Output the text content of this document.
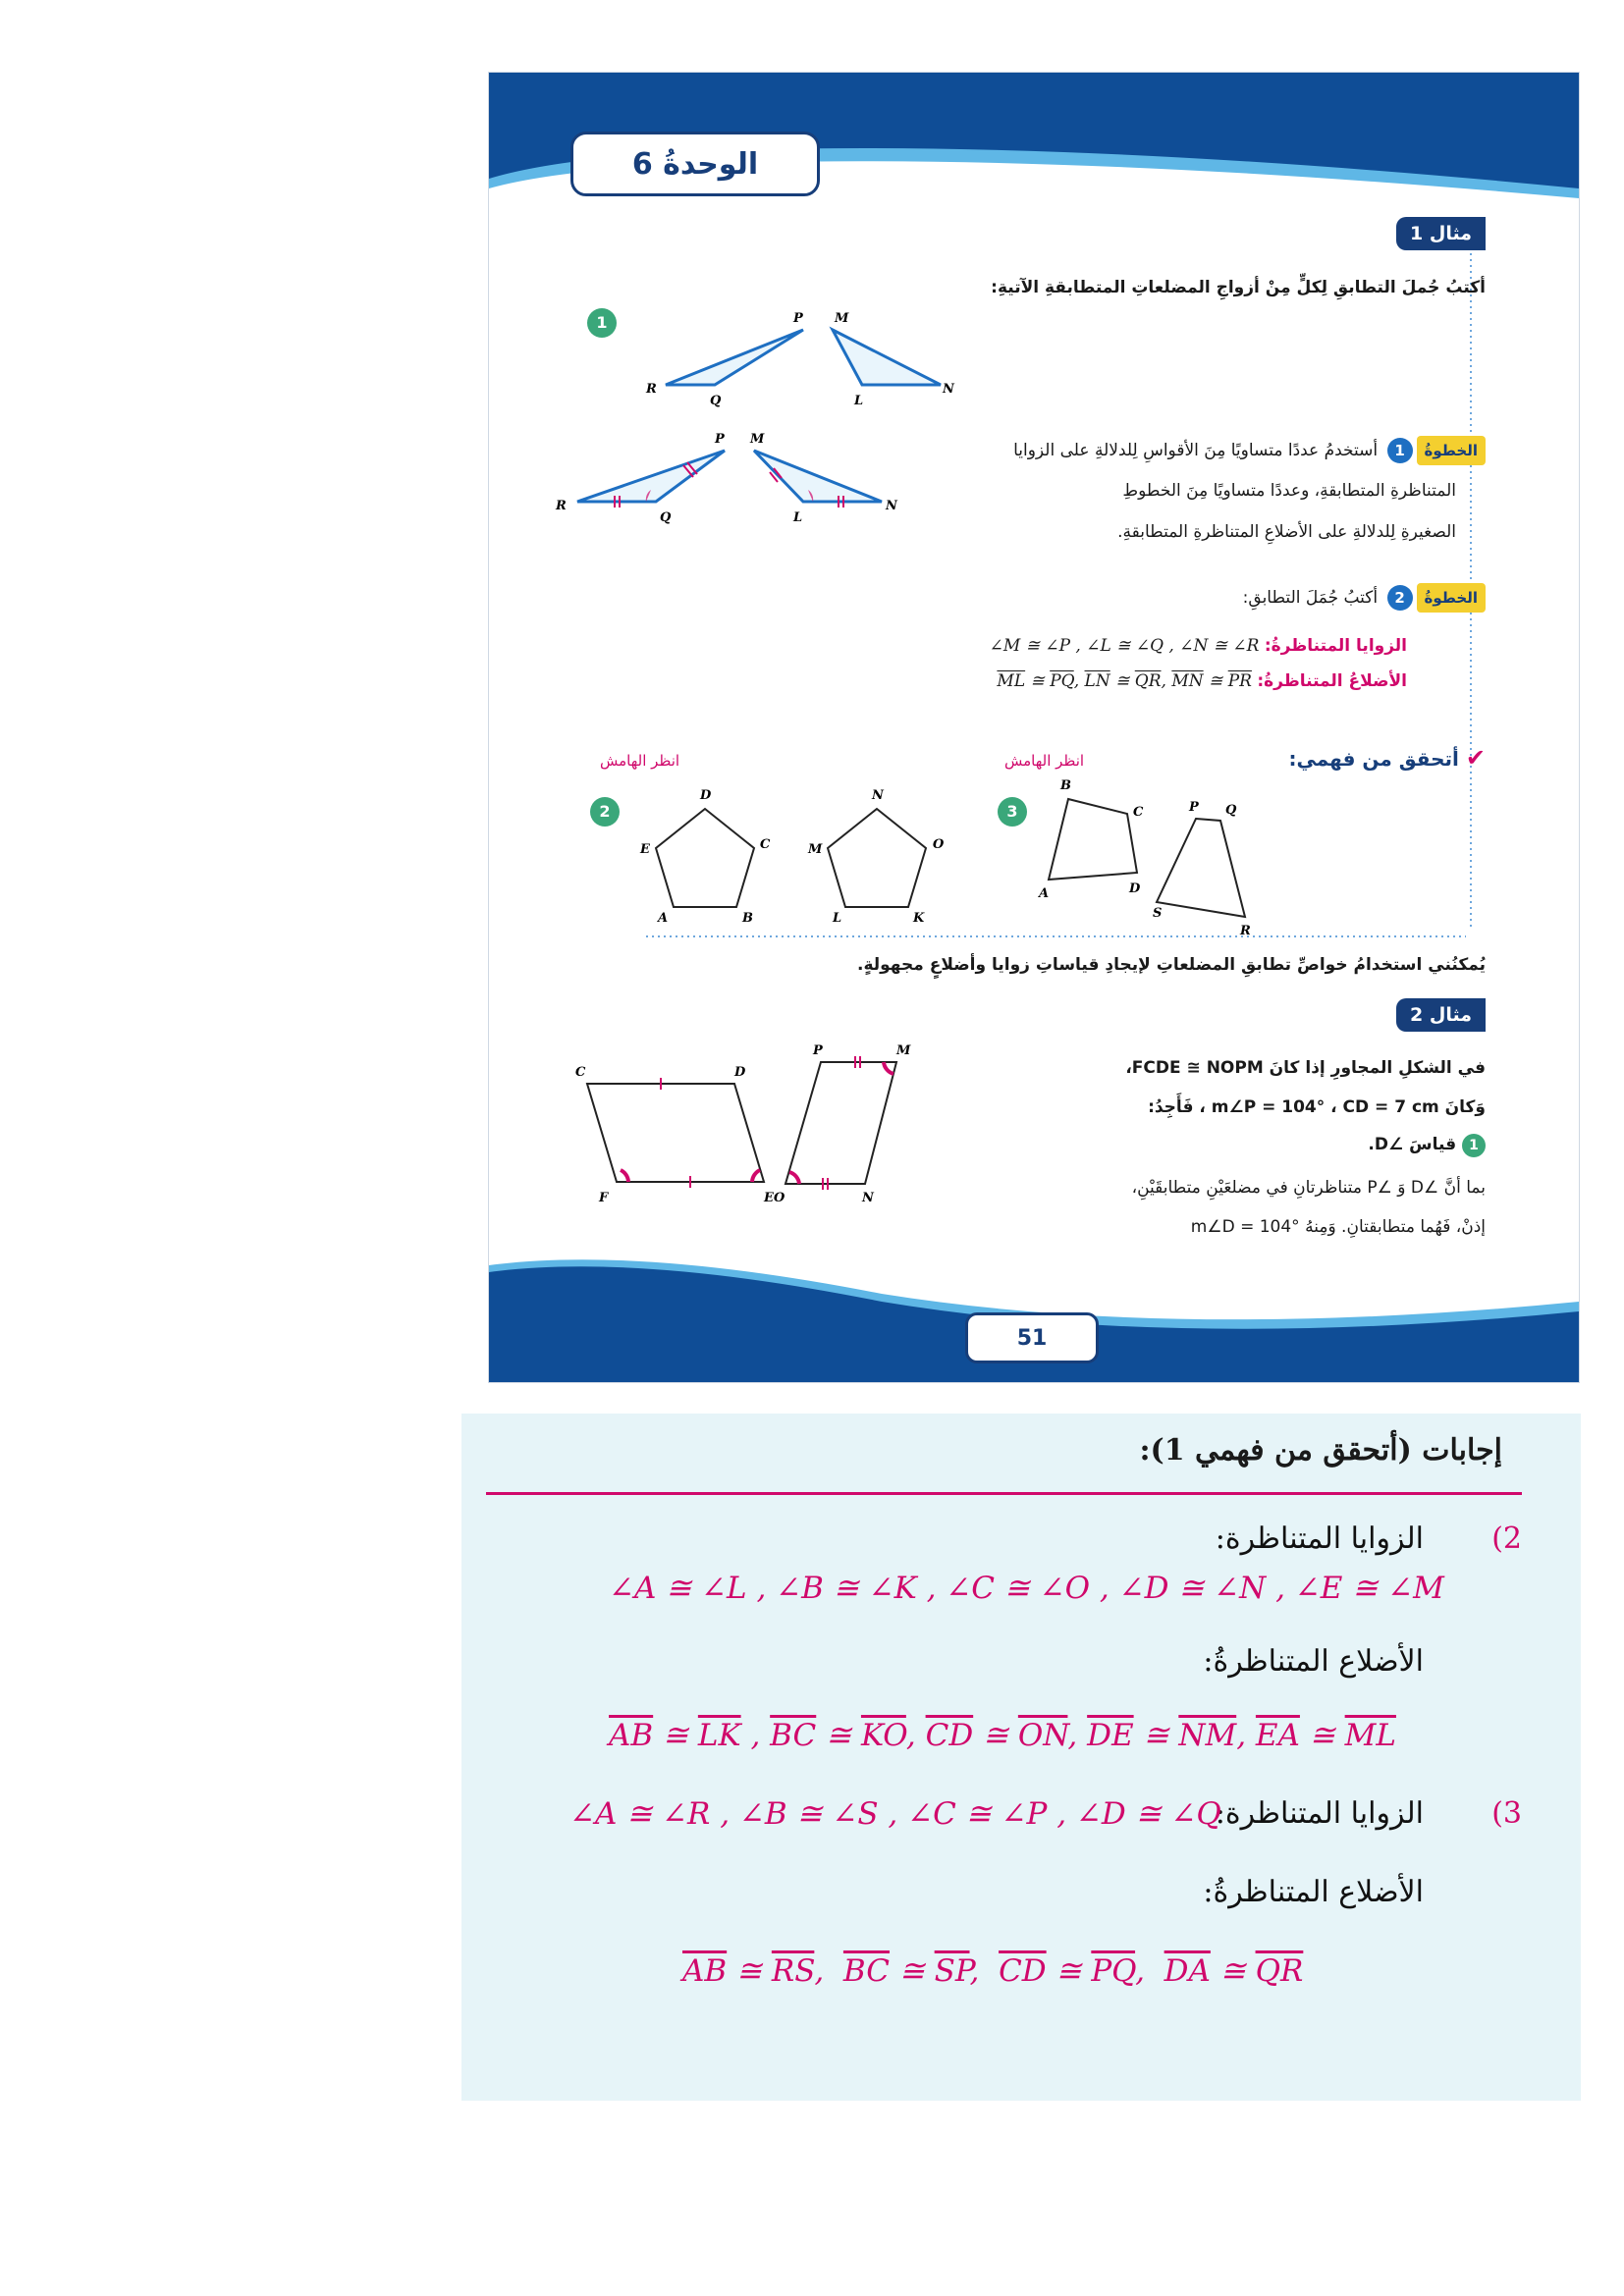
الوحدةُ 6
مثال 1
أكتبُ جُملَ التطابقِ لِكلٍّ مِنْ أزواجِ المضلعاتِ المتطابقةِ الآتيةِ:
1	P M
R
Q	L
N
P M
R
Q	L
N
الخطوةُ1 أستخدمُ عددًا متساويًا مِنَ الأقواسِ لِلدلالةِ على الزوايا
المتناظرةِ المتطابقةِ، وعددًا متساويًا مِنَ الخطوطِ
الصغيرةِ لِلدلالةِ على الأضلاعِ المتناظرةِ المتطابقةِ.
الخطوةُ2 أكتبُ جُمَلَ التطابقِ:
الزوايا المتناظرةُ: ∠M ≅ ∠P , ∠L ≅ ∠Q , ∠N ≅ ∠R
الأضلاعُ المتناظرةُ: $\overline{ML}$ ≅ $\overline{PQ}$, $\overline{LN}$ ≅ $\overline{QR}$, $\overline{MN}$ ≅ $\overline{PR}$
✔ أتحقق من فهمي:
انظر الهامش
انظر الهامش
2	3
D
E	C
A	B
N
M	O
L	K
B
C
D
A
P Q
S
R
يُمكنُني استخدامُ خواصِّ تطابقِ المضلعاتِ لإيجادِ قياساتِ زوايا وأضلاعٍ مجهولةٍ.
مثال 2
في الشكلِ المجاورِ إذا كانَ FCDE ≅ NOPM،
وَكانَ m∠P = 104° ، CD = 7 cm ، فَأَجِدُ:
1 قياسَ ∠D.
بما أنَّ ∠D وَ ∠P متناظرتانِ في مضلعَيْنِ متطابقَيْنِ،
إذنْ، فَهُما متطابقتانِ. وَمِنهُ m∠D = 104°
C	D
F	E
P	M
O	N
51
إجابات (أتحقق من فهمي 1):
(2
الزوايا المتناظرة:
∠A ≅ ∠L , ∠B ≅ ∠K , ∠C ≅ ∠O , ∠D ≅ ∠N , ∠E ≅ ∠M
الأضلاع المتناظرةُ:
$\overline{AB}$ ≅ $\overline{LK}$ , $\overline{BC}$ ≅ $\overline{KO}$, $\overline{CD}$ ≅ $\overline{ON}$, $\overline{DE}$ ≅ $\overline{NM}$, $\overline{EA}$ ≅ $\overline{ML}$
(3
الزوايا المتناظرة:
∠A ≅ ∠R , ∠B ≅ ∠S , ∠C ≅ ∠P , ∠D ≅ ∠Q
الأضلاع المتناظرةُ:
$\overline{AB}$ ≅ $\overline{RS}$,  $\overline{BC}$ ≅ $\overline{SP}$,  $\overline{CD}$ ≅ $\overline{PQ}$,  $\overline{DA}$ ≅ $\overline{QR}$
